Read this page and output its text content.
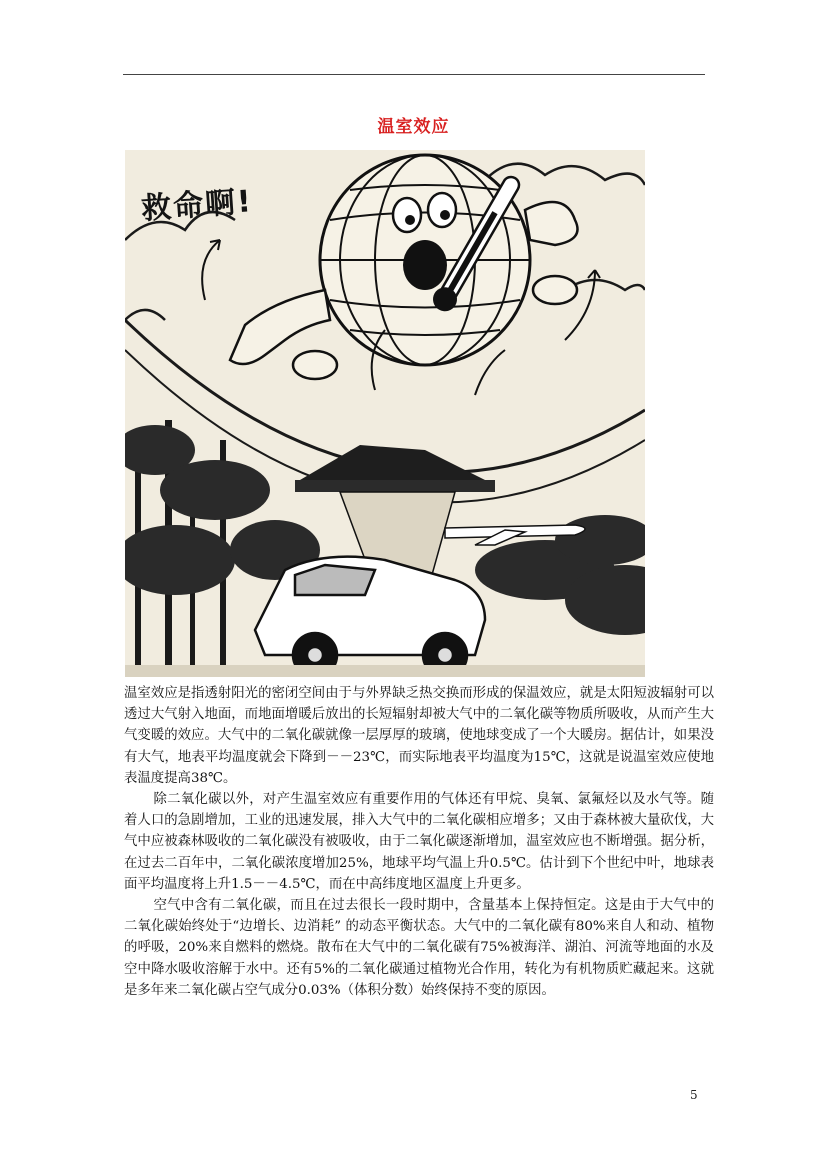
温室效应
救命啊!

温室效应是指透射阳光的密闭空间由于与外界缺乏热交换而形成的保温效应，就是太阳短波辐射可以透过大气射入地面，而地面增暖后放出的长短辐射却被大气中的二氧化碳等物质所吸收，从而产生大气变暖的效应。大气中的二氧化碳就像一层厚厚的玻璃，使地球变成了一个大暖房。据估计，如果没有大气，地表平均温度就会下降到－－23℃，而实际地表平均温度为15℃，这就是说温室效应使地表温度提高38℃。

除二氧化碳以外，对产生温室效应有重要作用的气体还有甲烷、臭氧、氯氟烃以及水气等。随着人口的急剧增加，工业的迅速发展，排入大气中的二氧化碳相应增多；又由于森林被大量砍伐，大气中应被森林吸收的二氧化碳没有被吸收，由于二氧化碳逐渐增加，温室效应也不断增强。据分析，在过去二百年中，二氧化碳浓度增加25%，地球平均气温上升0.5℃。估计到下个世纪中叶，地球表面平均温度将上升1.5－－4.5℃，而在中高纬度地区温度上升更多。

空气中含有二氧化碳，而且在过去很长一段时期中，含量基本上保持恒定。这是由于大气中的二氧化碳始终处于“边增长、边消耗” 的动态平衡状态。大气中的二氧化碳有80%来自人和动、植物的呼吸，20%来自燃料的燃烧。散布在大气中的二氧化碳有75%被海洋、湖泊、河流等地面的水及空中降水吸收溶解于水中。还有5%的二氧化碳通过植物光合作用，转化为有机物质贮藏起来。这就是多年来二氧化碳占空气成分0.03%（体积分数）始终保持不变的原因。

5
